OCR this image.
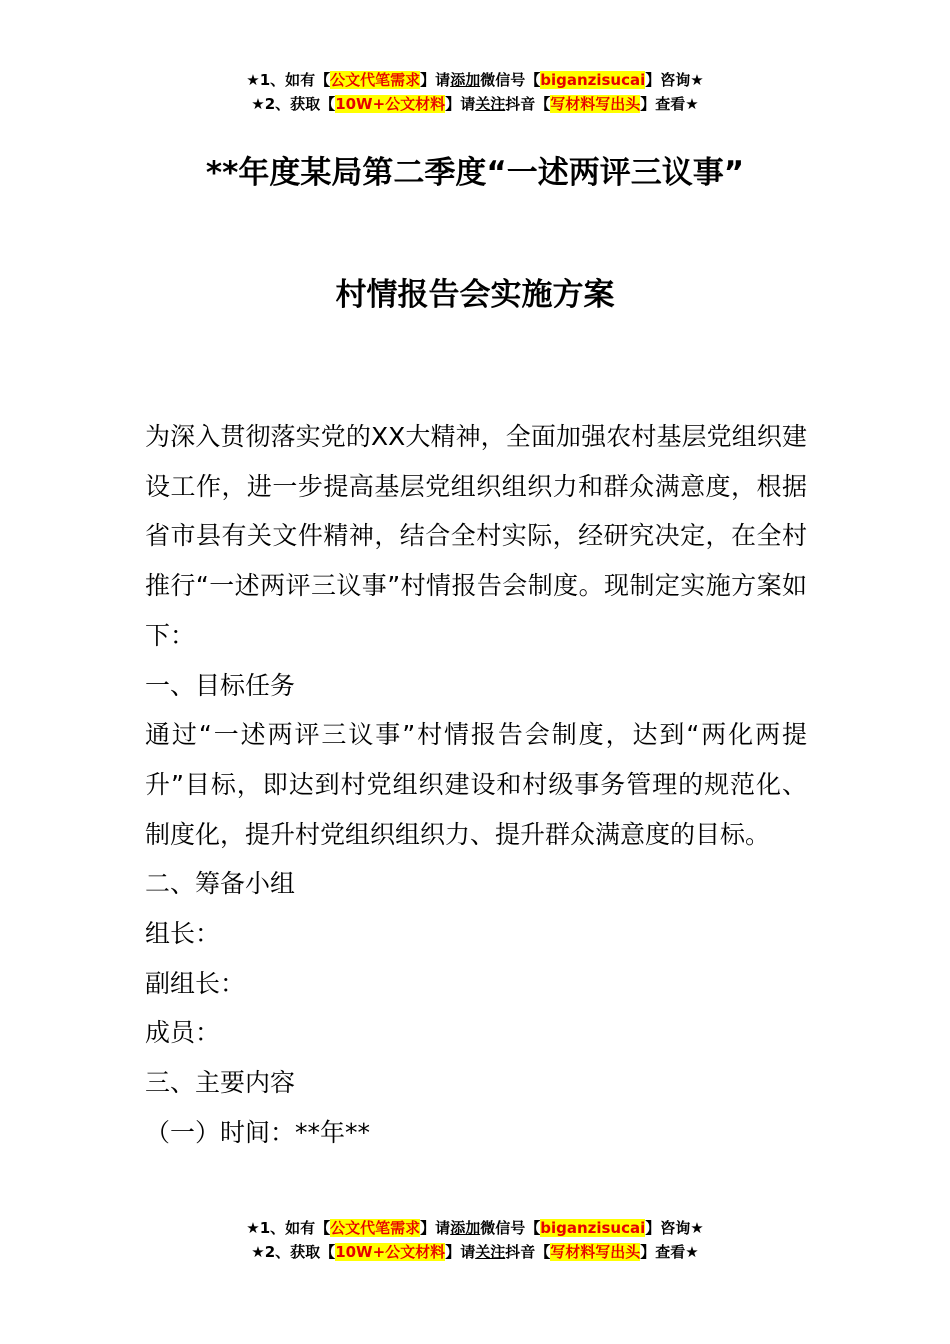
★1、如有【公文代笔需求】请添加微信号【biganzisucai】咨询★
★2、获取【10W+公文材料】请关注抖音【写材料写出头】查看★
**年度某局第二季度“一述两评三议事”
村情报告会实施方案

为深入贯彻落实党的XX大精神，全面加强农村基层党组织建设工作，进一步提高基层党组织组织力和群众满意度，根据省市县有关文件精神，结合全村实际，经研究决定，在全村推行“一述两评三议事”村情报告会制度。现制定实施方案如下：

一、目标任务

通过“一述两评三议事”村情报告会制度，达到“两化两提升”目标，即达到村党组织建设和村级事务管理的规范化、制度化，提升村党组织组织力、提升群众满意度的目标。

二、筹备小组

组长：

副组长：

成员：

三、主要内容

（一）时间：**年**

★1、如有【公文代笔需求】请添加微信号【biganzisucai】咨询★
★2、获取【10W+公文材料】请关注抖音【写材料写出头】查看★
